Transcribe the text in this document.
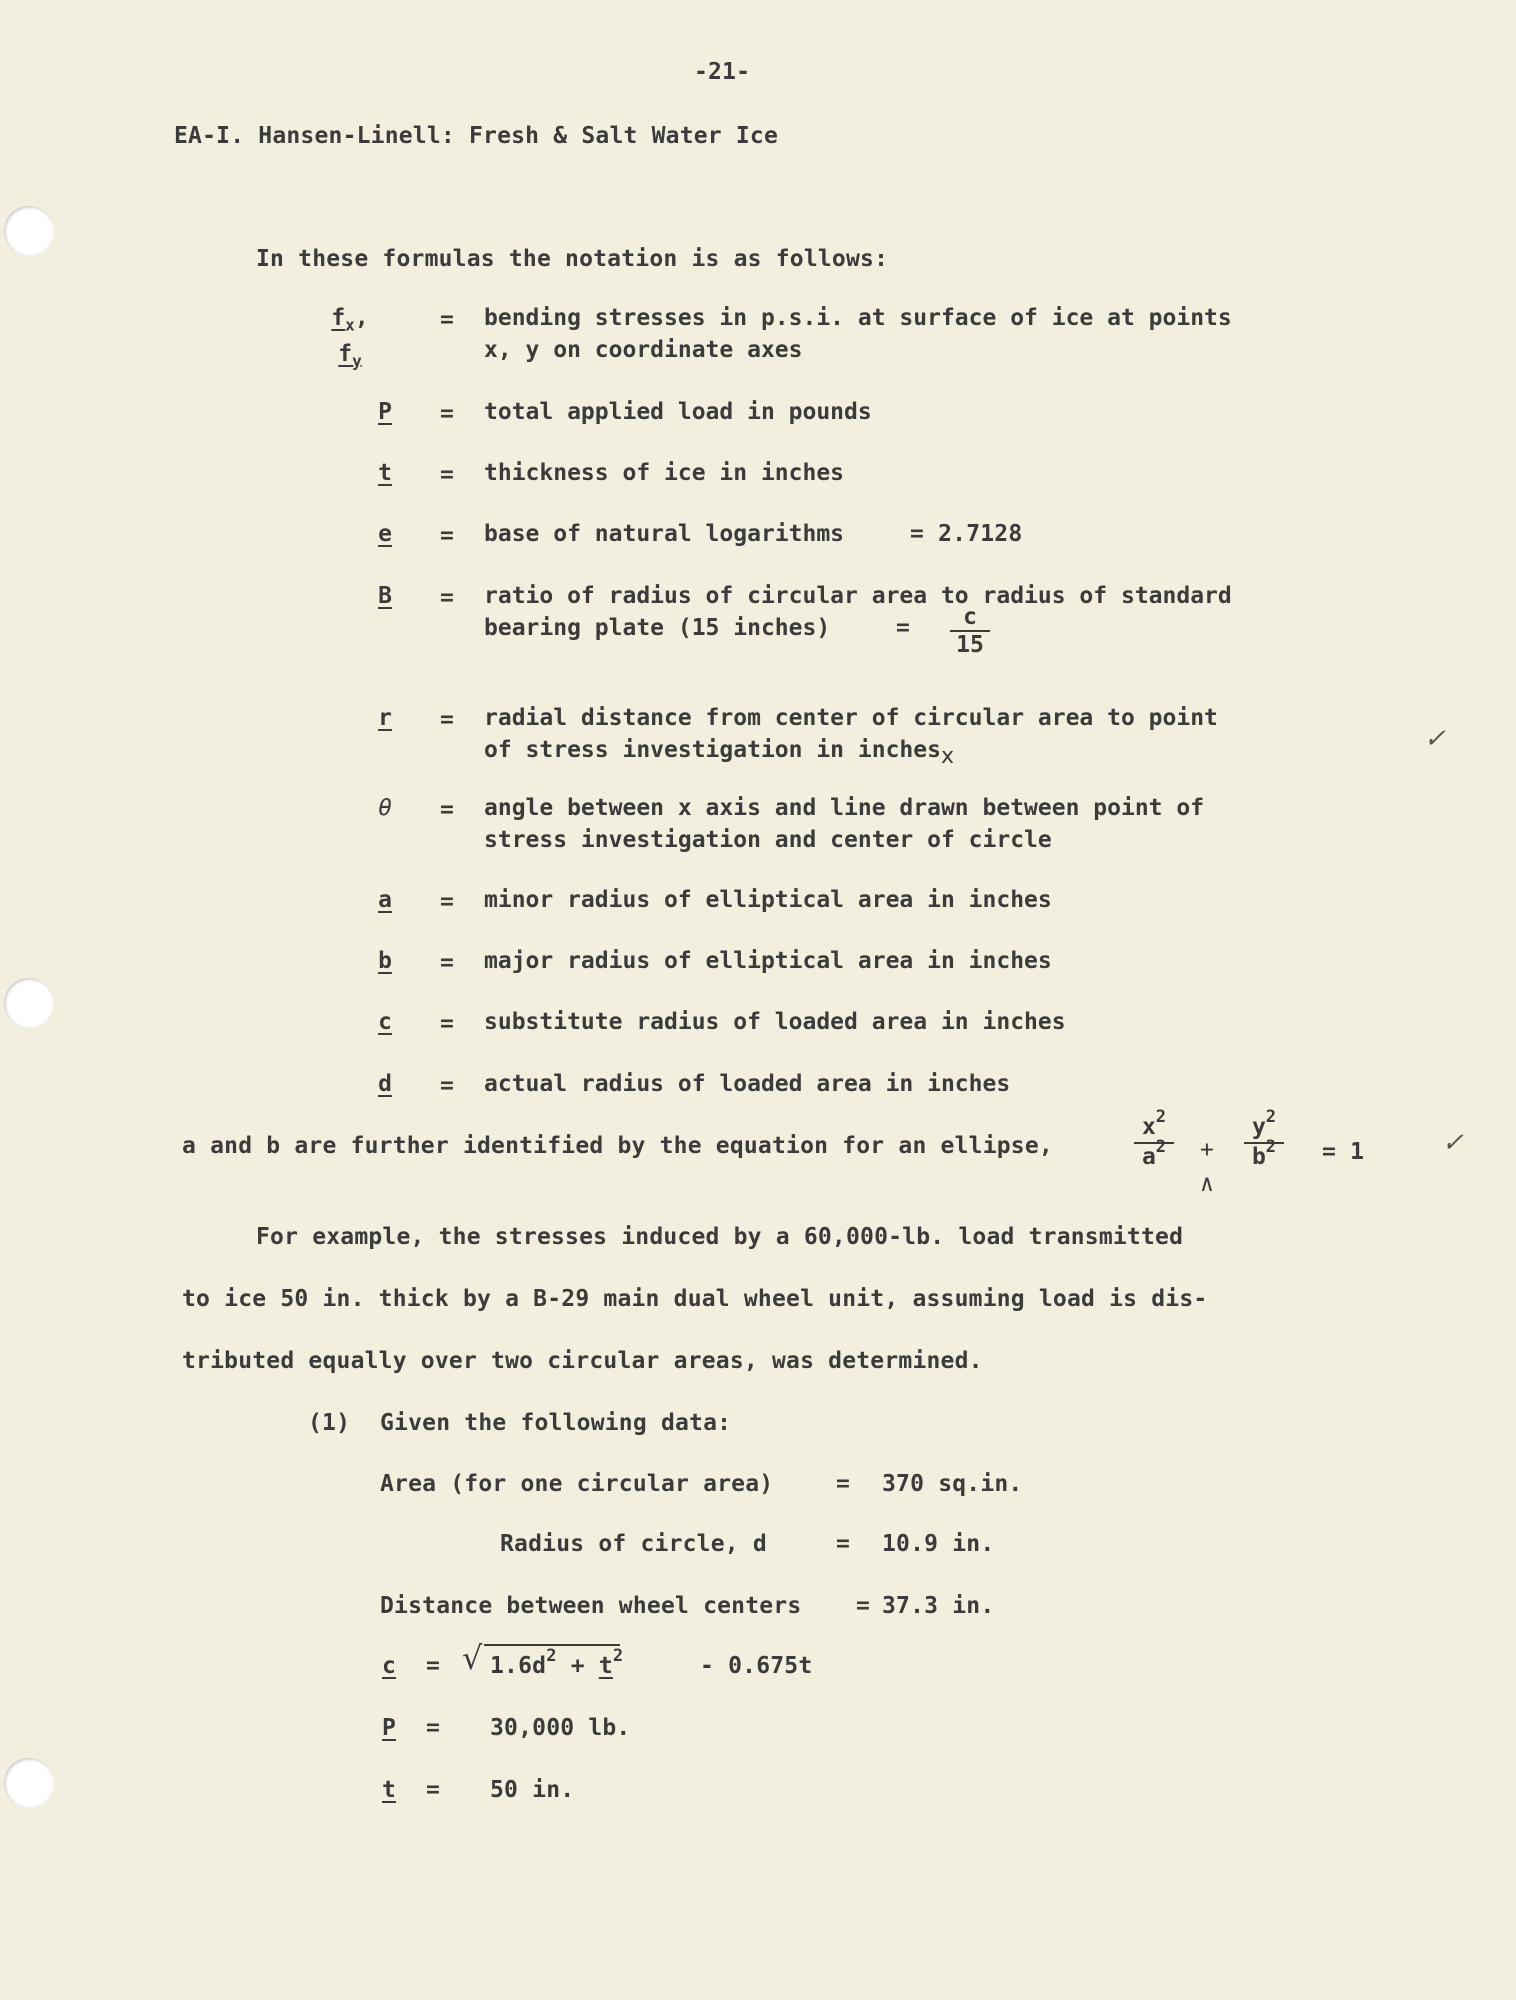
-21-
EA-I. Hansen-Linell: Fresh & Salt Water Ice
In these formulas the notation is as follows:
$f_x$, $f_y$
= bending stresses in p.s.i. at surface of ice at points
x, y on coordinate axes
P	= total applied load in pounds
t	= thickness of ice in inches
e	= base of natural logarithms	= 2.7128
B	= ratio of radius of circular area to radius of standard
bearing plate (15 inches)	= $\frac{c}{15}$
r	= radial distance from center of circular area to point
of stress investigation in inchesx
θ	= angle between x axis and line drawn between point of
stress investigation and center of circle
a	= minor radius of elliptical area in inches
b	= major radius of elliptical area in inches
c	= substitute radius of loaded area in inches
d	= actual radius of loaded area in inches
a and b are further identified by the equation for an ellipse,	$\frac{x^2}{a^2}$ +
∧
$\frac{y^2}{b^2} = 1$
For example, the stresses induced by a 60,000-lb. load transmitted
to ice 50 in. thick by a B-29 main dual wheel unit, assuming load is dis-
tributed equally over two circular areas, was determined.
(1) Given the following data:
Area (for one circular area)	= 370 sq.in.
Radius of circle, d	= 10.9 in.
Distance between wheel centers = 37.3 in.
c = √ $1.6d^2 + t^2$	- 0.675t
P = 30,000 lb.
t = 50 in.
✓
✓
